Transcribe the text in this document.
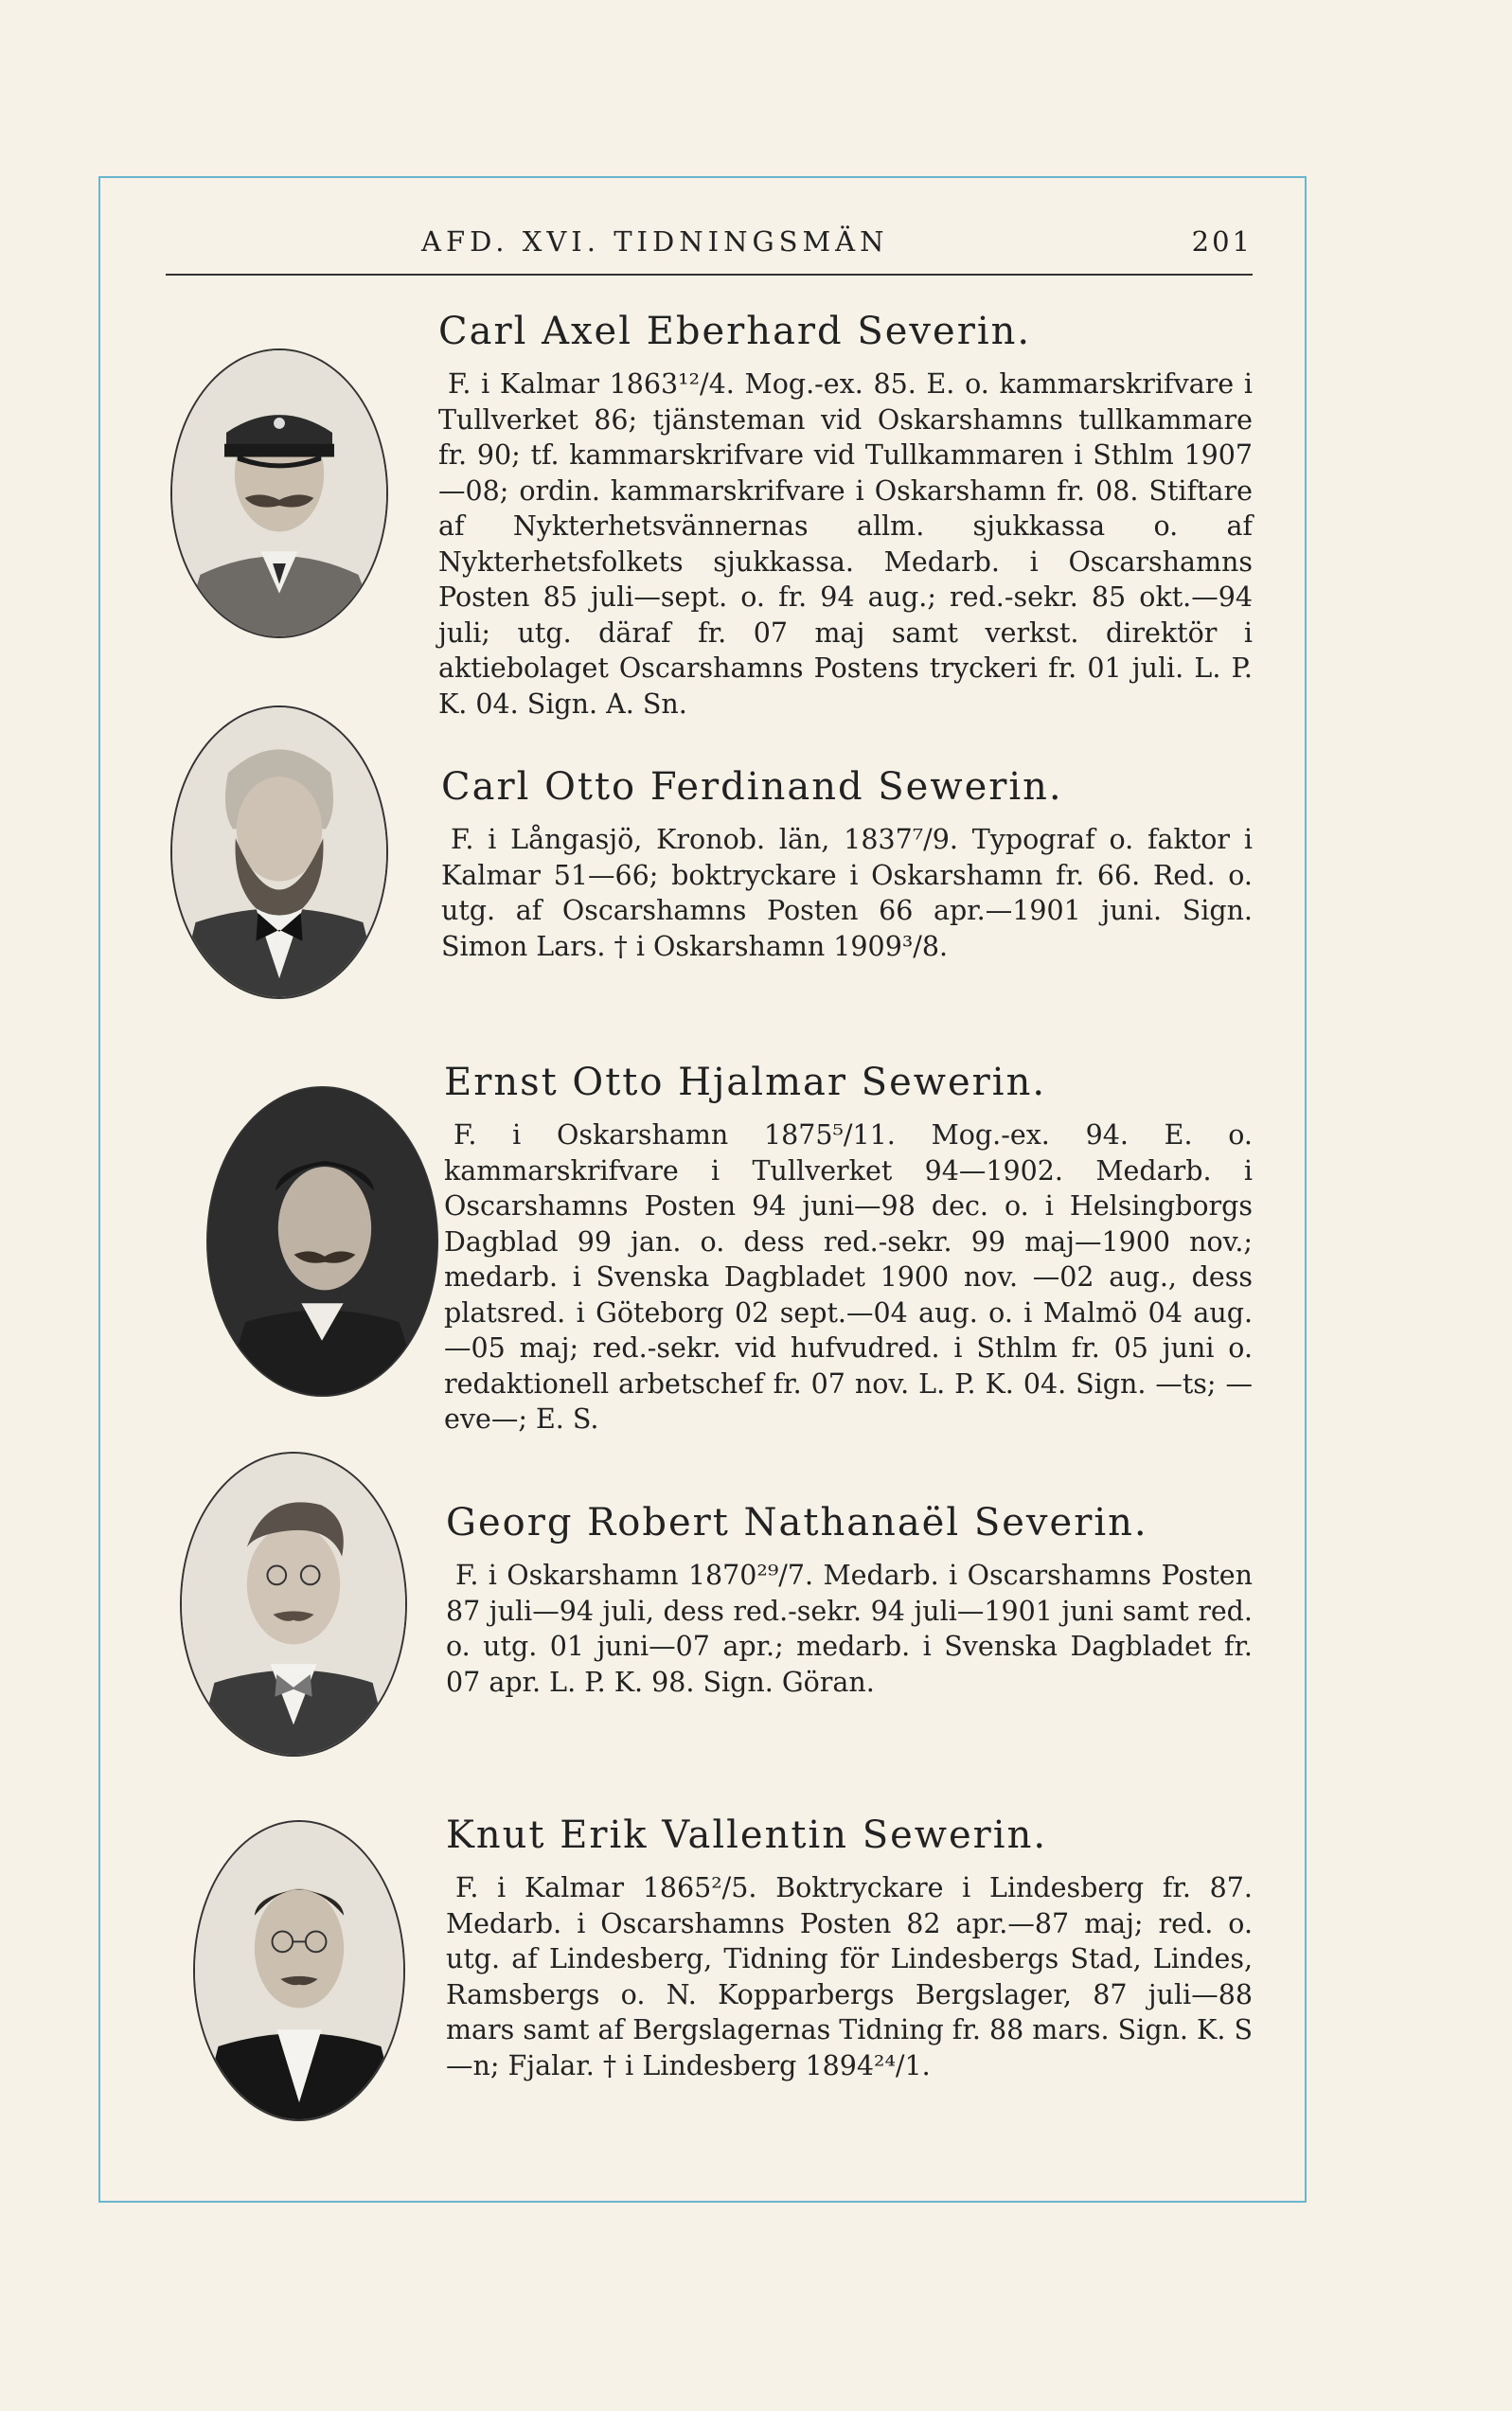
AFD. XVI. TIDNINGSMÄN	201
Carl Axel Eberhard Severin.

F. i Kalmar 1863¹²/4. Mog.-ex. 85. E. o. kammarskrifvare i Tullverket 86; tjänsteman vid Oskarshamns tullkammare fr. 90; tf. kammarskrifvare vid Tullkammaren i Sthlm 1907—08; ordin. kammarskrifvare i Oskarshamn fr. 08. Stiftare af Nykterhetsvännernas allm. sjukkassa o. af Nykterhetsfolkets sjukkassa. Medarb. i Oscarshamns Posten 85 juli—sept. o. fr. 94 aug.; red.-sekr. 85 okt.—94 juli; utg. däraf fr. 07 maj samt verkst. direktör i aktiebolaget Oscarshamns Postens tryckeri fr. 01 juli. L. P. K. 04. Sign. A. Sn.

Carl Otto Ferdinand Sewerin.

F. i Långasjö, Kronob. län, 1837⁷/9. Typograf o. faktor i Kalmar 51—66; boktryckare i Oskarshamn fr. 66. Red. o. utg. af Oscarshamns Posten 66 apr.—1901 juni. Sign. Simon Lars. † i Oskarshamn 1909³/8.

Ernst Otto Hjalmar Sewerin.

F. i Oskarshamn 1875⁵/11. Mog.-ex. 94. E. o. kammarskrifvare i Tullverket 94—1902. Medarb. i Oscarshamns Posten 94 juni—98 dec. o. i Helsingborgs Dagblad 99 jan. o. dess red.-sekr. 99 maj—1900 nov.; medarb. i Svenska Dagbladet 1900 nov. —02 aug., dess platsred. i Göteborg 02 sept.—04 aug. o. i Malmö 04 aug.—05 maj; red.-sekr. vid hufvudred. i Sthlm fr. 05 juni o. redaktionell arbetschef fr. 07 nov. L. P. K. 04. Sign. —ts; —eve—; E. S.

Georg Robert Nathanaël Severin.

F. i Oskarshamn 1870²⁹/7. Medarb. i Oscarshamns Posten 87 juli—94 juli, dess red.-sekr. 94 juli—1901 juni samt red. o. utg. 01 juni—07 apr.; medarb. i Svenska Dagbladet fr. 07 apr. L. P. K. 98. Sign. Göran.

Knut Erik Vallentin Sewerin.

F. i Kalmar 1865²/5. Boktryckare i Lindesberg fr. 87. Medarb. i Oscarshamns Posten 82 apr.—87 maj; red. o. utg. af Lindesberg, Tidning för Lindesbergs Stad, Lindes, Ramsbergs o. N. Kopparbergs Bergslager, 87 juli—88 mars samt af Bergslagernas Tidning fr. 88 mars. Sign. K. S—n; Fjalar. † i Lindesberg 1894²⁴/1.
